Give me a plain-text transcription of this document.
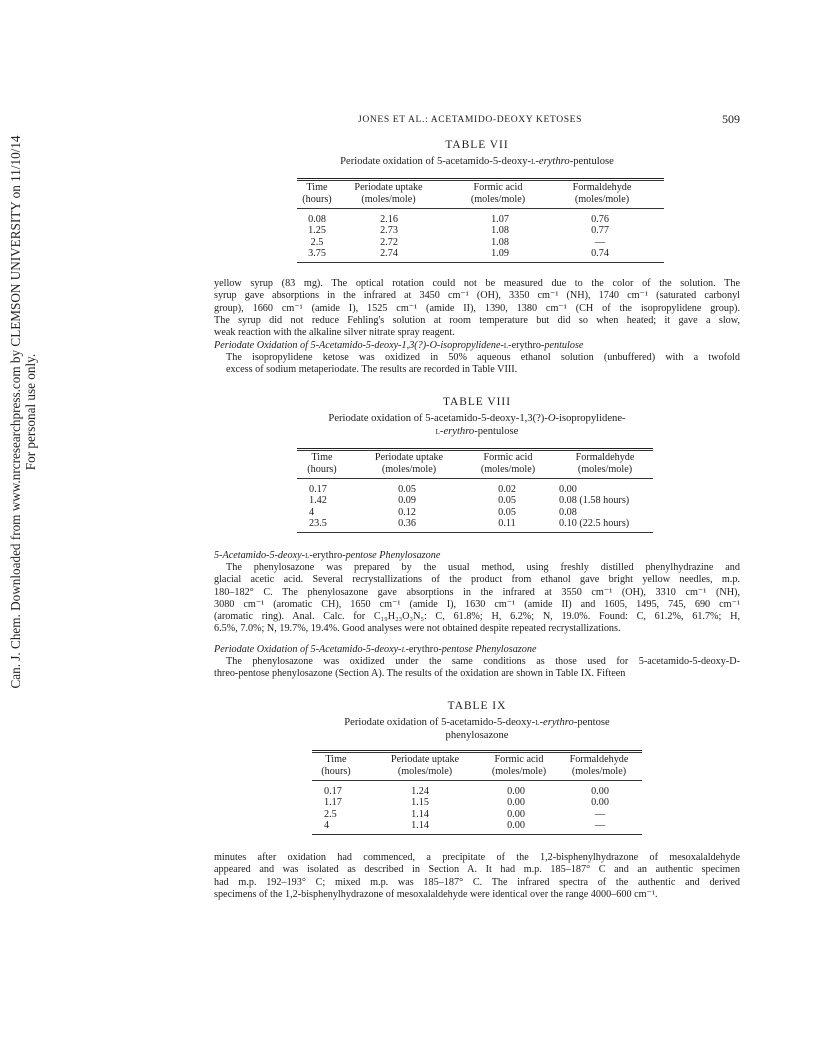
Can. J. Chem. Downloaded from www.nrcresearchpress.com by CLEMSON UNIVERSITY on 11/10/14 For personal use only.
JONES ET AL.: ACETAMIDO-DEOXY KETOSES	509
TABLE VII
Periodate oxidation of 5-acetamido-5-deoxy-l-erythro-pentulose
Time
(hours)
Periodate uptake
(moles/mole)
Formic acid
(moles/mole)
Formaldehyde
(moles/mole)
0.08
1.25
2.5
3.75
2.16
2.73
2.72
2.74
1.07
1.08
1.08
1.09
0.76
0.77
—
0.74
yellow syrup (83 mg). The optical rotation could not be measured due to the color of the solution. The
syrup gave absorptions in the infrared at 3450 cm⁻¹ (OH), 3350 cm⁻¹ (NH), 1740 cm⁻¹ (saturated carbonyl
group), 1660 cm⁻¹ (amide I), 1525 cm⁻¹ (amide II), 1390, 1380 cm⁻¹ (CH of the isopropylidene group).
The syrup did not reduce Fehling's solution at room temperature but did so when heated; it gave a slow,
weak reaction with the alkaline silver nitrate spray reagent.
Periodate Oxidation of 5-Acetamido-5-deoxy-1,3(?)-O-isopropylidene-l-erythro-pentulose
The isopropylidene ketose was oxidized in 50% aqueous ethanol solution (unbuffered) with a twofold
excess of sodium metaperiodate. The results are recorded in Table VIII.
TABLE VIII
Periodate oxidation of 5-acetamido-5-deoxy-1,3(?)-O-isopropylidene-
l-erythro-pentulose
Time
(hours)
Periodate uptake
(moles/mole)
Formic acid
(moles/mole)
Formaldehyde
(moles/mole)
0.17
1.42
4
23.5
0.05
0.09
0.12
0.36
0.02
0.05
0.05
0.11
0.00
0.08 (1.58 hours)
0.08
0.10 (22.5 hours)
5-Acetamido-5-deoxy-l-erythro-pentose Phenylosazone
The phenylosazone was prepared by the usual method, using freshly distilled phenylhydrazine and
glacial acetic acid. Several recrystallizations of the product from ethanol gave bright yellow needles, m.p.
180–182° C. The phenylosazone gave absorptions in the infrared at 3550 cm⁻¹ (OH), 3310 cm⁻¹ (NH),
3080 cm⁻¹ (aromatic CH), 1650 cm⁻¹ (amide I), 1630 cm⁻¹ (amide II) and 1605, 1495, 745, 690 cm⁻¹
(aromatic ring). Anal. Calc. for C₁₉H₂₃O₃N₅: C, 61.8%; H, 6.2%; N, 19.0%. Found: C, 61.2%, 61.7%; H,
6.5%, 7.0%; N, 19.7%, 19.4%. Good analyses were not obtained despite repeated recrystallizations.
Periodate Oxidation of 5-Acetamido-5-deoxy-l-erythro-pentose Phenylosazone
The phenylosazone was oxidized under the same conditions as those used for 5-acetamido-5-deoxy-D-
threo-pentose phenylosazone (Section A). The results of the oxidation are shown in Table IX. Fifteen
TABLE IX
Periodate oxidation of 5-acetamido-5-deoxy-l-erythro-pentose
phenylosazone
Time
(hours)
Periodate uptake
(moles/mole)
Formic acid
(moles/mole)
Formaldehyde
(moles/mole)
0.17
1.17
2.5
4
1.24
1.15
1.14
1.14
0.00
0.00
0.00
0.00
0.00
0.00
—
—
minutes after oxidation had commenced, a precipitate of the 1,2-bisphenylhydrazone of mesoxalaldehyde
appeared and was isolated as described in Section A. It had m.p. 185–187° C and an authentic specimen
had m.p. 192–193° C; mixed m.p. was 185–187° C. The infrared spectra of the authentic and derived
specimens of the 1,2-bisphenylhydrazone of mesoxalaldehyde were identical over the range 4000–600 cm⁻¹.
